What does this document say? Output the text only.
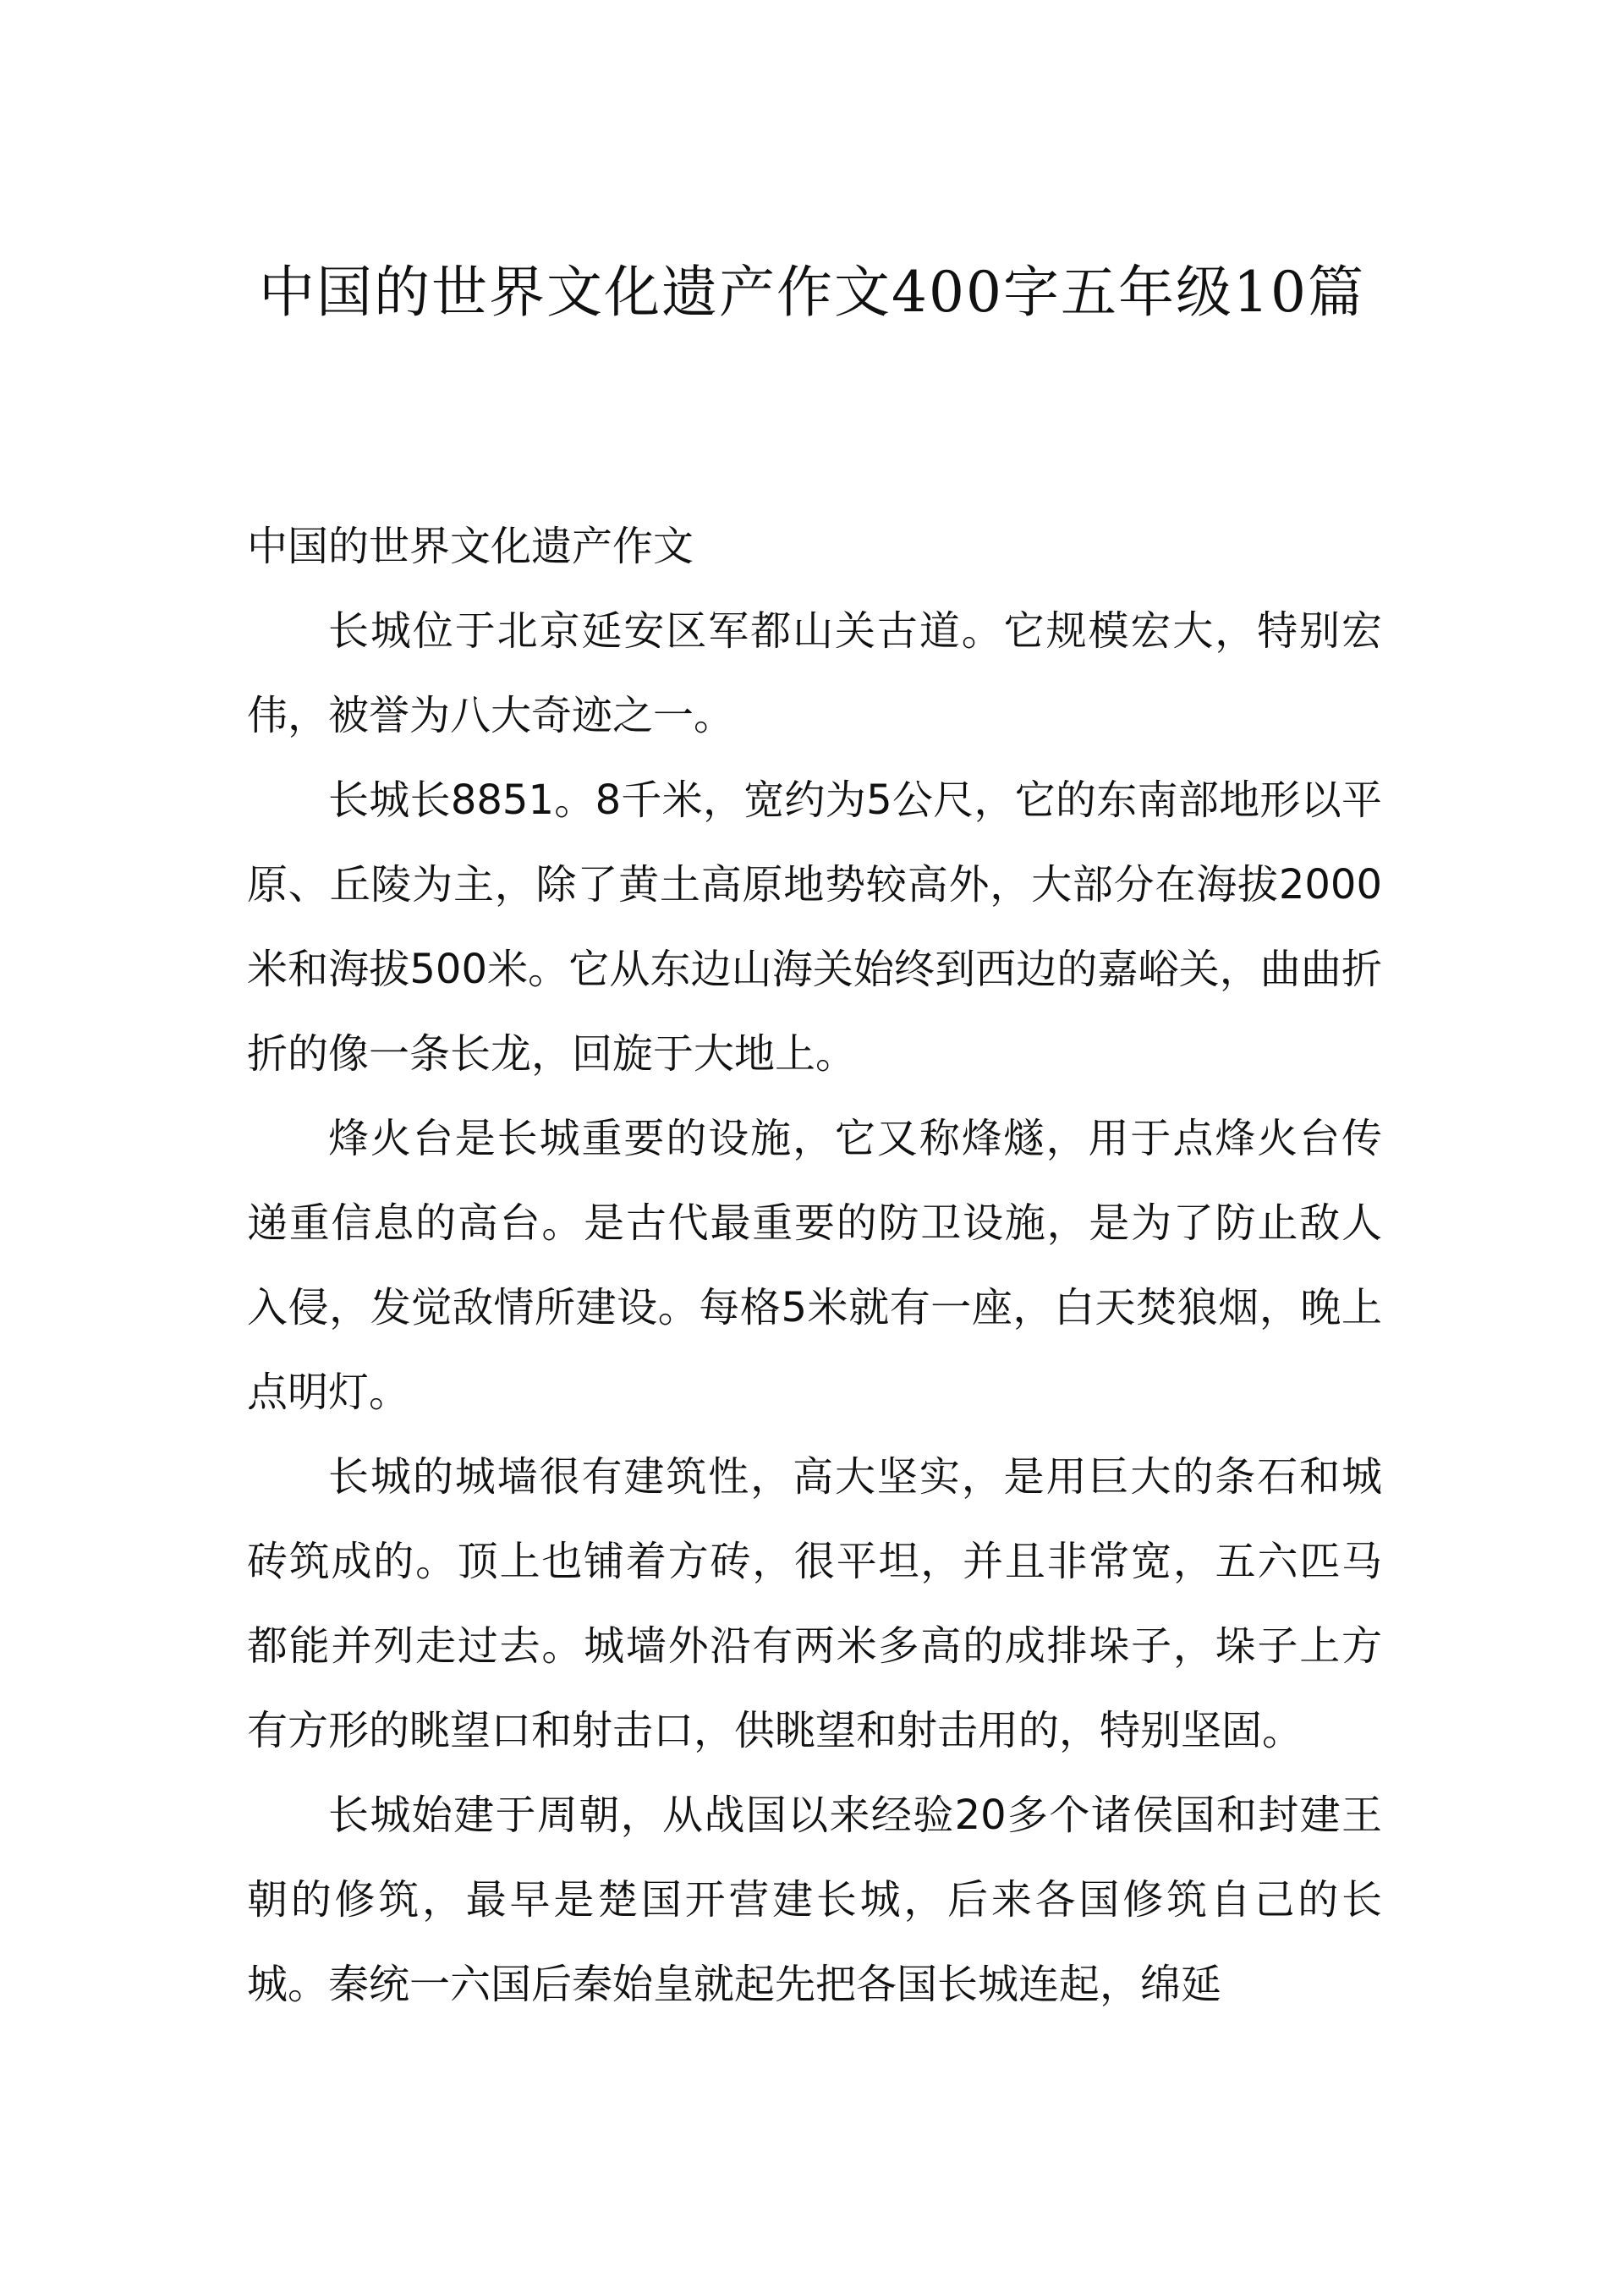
中国的世界文化遗产作文400字五年级10篇

中国的世界文化遗产作文

长城位于北京延安区军都山关古道。它规模宏大，特别宏伟，被誉为八大奇迹之一。

长城长8851。8千米，宽约为5公尺，它的东南部地形以平原、丘陵为主，除了黄土高原地势较高外，大部分在海拔2000米和海拔500米。它从东边山海关始终到西边的嘉峪关，曲曲折折的像一条长龙，回旋于大地上。

烽火台是长城重要的设施，它又称烽燧，用于点烽火台传递重信息的高台。是古代最重要的防卫设施，是为了防止敌人入侵，发觉敌情所建设。每格5米就有一座，白天焚狼烟，晚上点明灯。

长城的城墙很有建筑性，高大坚实，是用巨大的条石和城砖筑成的。顶上也铺着方砖，很平坦，并且非常宽，五六匹马都能并列走过去。城墙外沿有两米多高的成排垛子，垛子上方有方形的眺望口和射击口，供眺望和射击用的，特别坚固。

长城始建于周朝，从战国以来经验20多个诸侯国和封建王朝的修筑，最早是楚国开营建长城，后来各国修筑自己的长城。秦统一六国后秦始皇就起先把各国长城连起，绵延
